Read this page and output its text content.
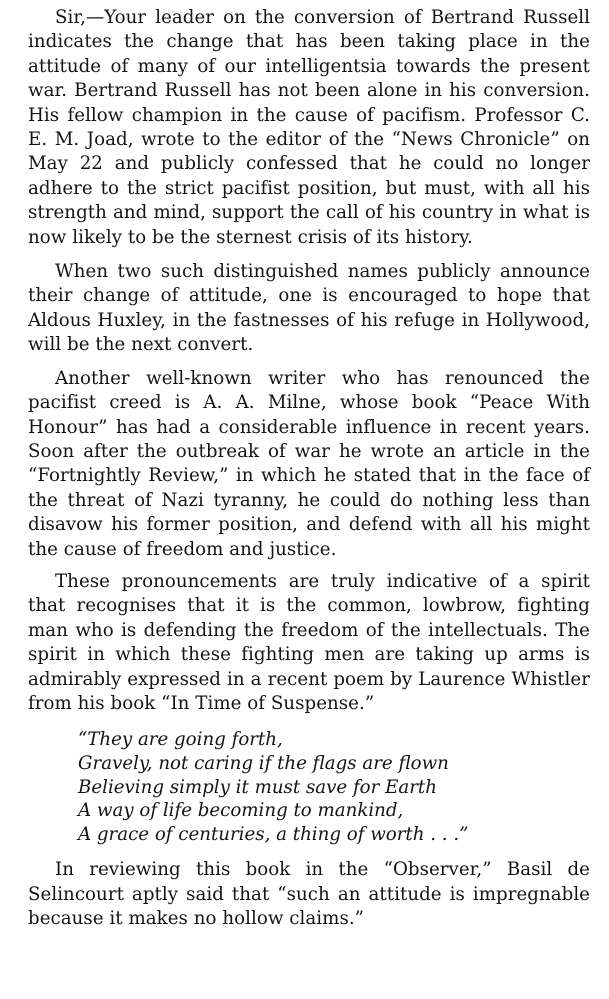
Sir,—Your leader on the conversion of Bertrand Russell indicates the change that has been taking place in the attitude of many of our intelligentsia towards the present war. Bertrand Russell has not been alone in his conversion. His fellow champion in the cause of pacifism. Professor C. E. M. Joad, wrote to the editor of the “News Chronicle” on May 22 and publicly confessed that he could no longer adhere to the strict pacifist position, but must, with all his strength and mind, support the call of his country in what is now likely to be the sternest crisis of its history.

When two such distinguished names publicly announce their change of attitude, one is encouraged to hope that Aldous Huxley, in the fastnesses of his refuge in Hollywood, will be the next convert.

Another well-known writer who has renounced the pacifist creed is A. A. Milne, whose book “Peace With Honour” has had a considerable influence in recent years. Soon after the outbreak of war he wrote an article in the “Fortnightly Review,” in which he stated that in the face of the threat of Nazi tyranny, he could do nothing less than disavow his former position, and defend with all his might the cause of freedom and justice.

These pronouncements are truly indicative of a spirit that recognises that it is the common, lowbrow, fighting man who is defending the freedom of the intellectuals. The spirit in which these fighting men are taking up arms is admirably expressed in a recent poem by Laurence Whistler from his book “In Time of Suspense.”

“They are going forth,
Gravely, not caring if the flags are flown
Believing simply it must save for Earth
A way of life becoming to mankind,
A grace of centuries, a thing of worth . . .”

In reviewing this book in the “Observer,” Basil de Selincourt aptly said that “such an attitude is impregnable because it makes no hollow claims.”
